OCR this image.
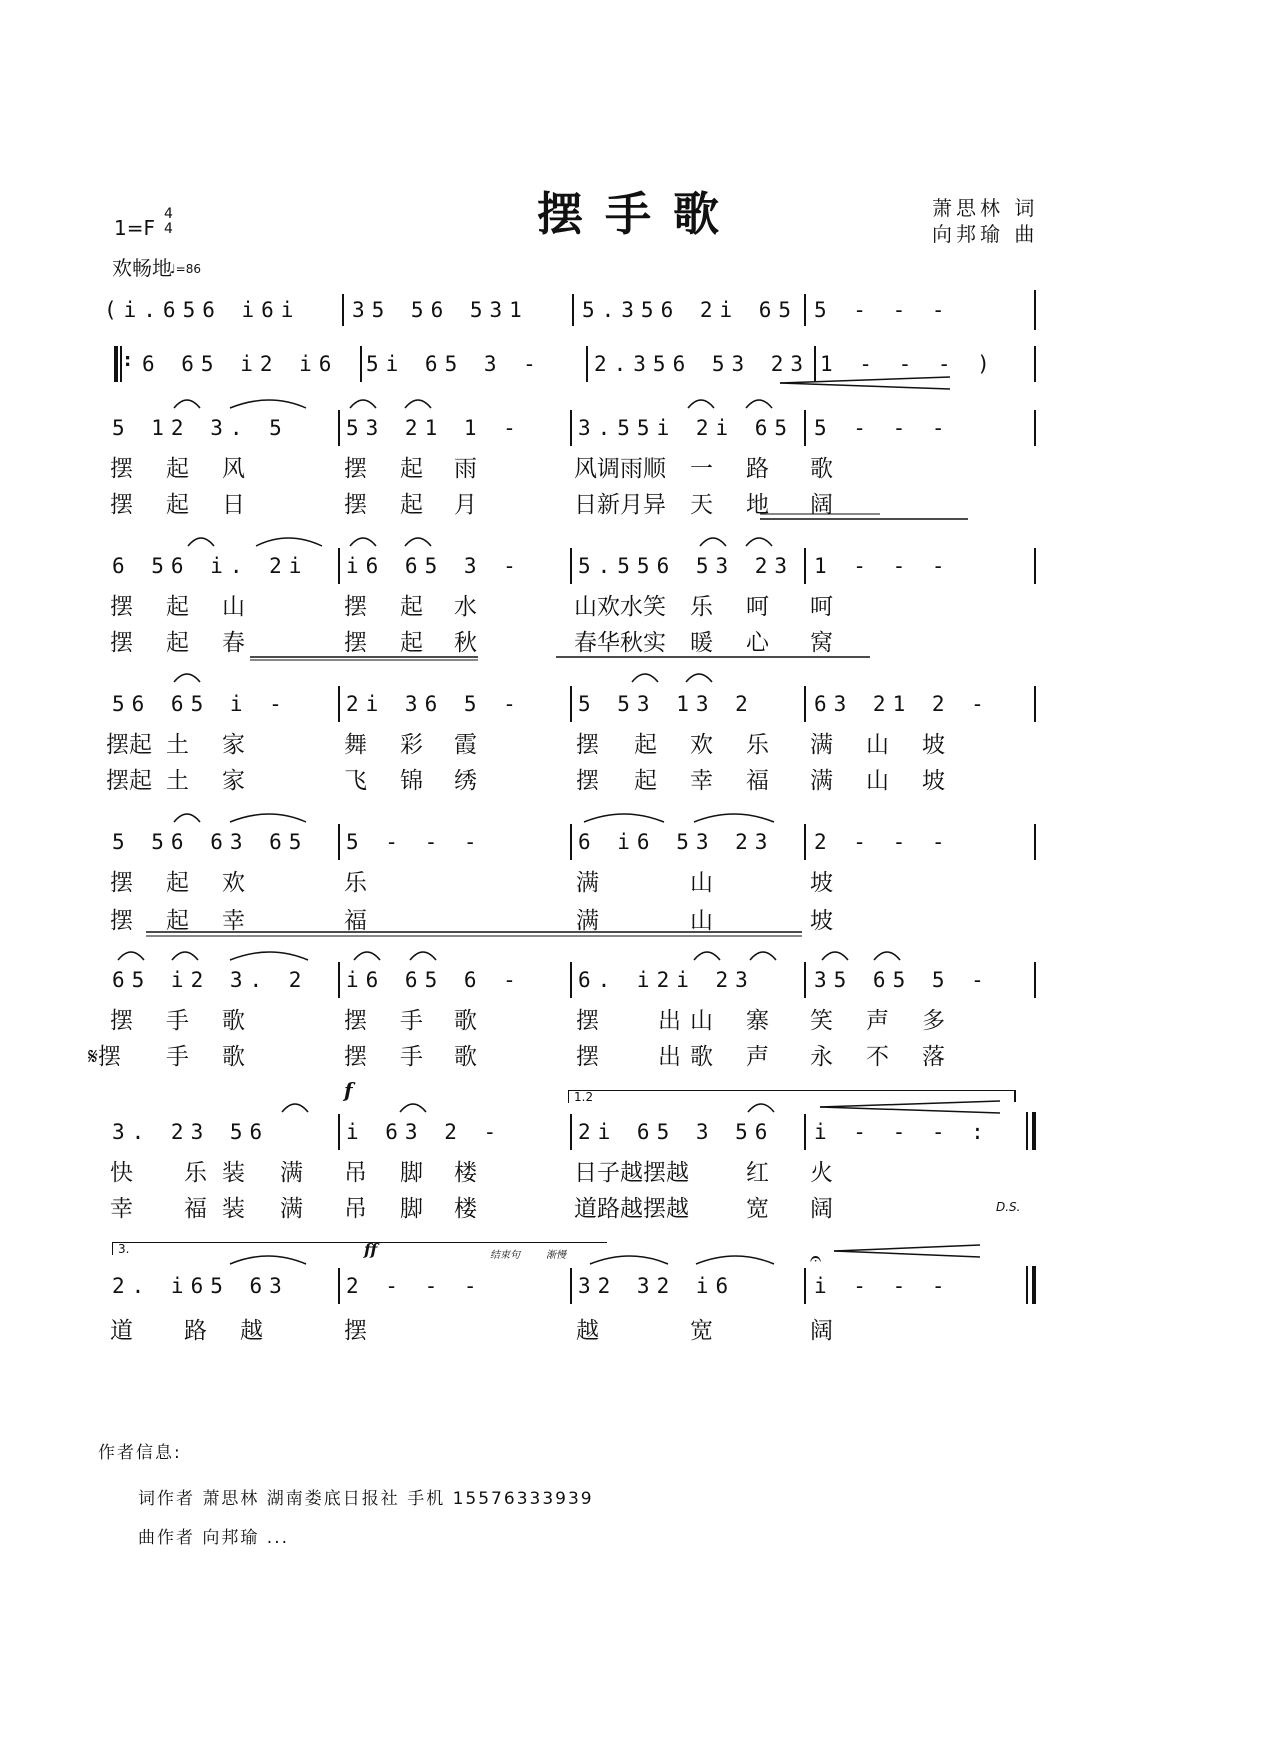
摆手歌	萧思林 词
向邦瑜 曲
1=F
4
4
欢畅地
♩=86
(i.656 i6i 35 56 531	5.356 2i 65 5 - - -
6 65 i2 i6 5i 65 3 - 2.356 53 23 1 - - - )
:
5 12 3. 5	53 21 1 -	3.55i 2i 65 5 - - -
摆 起 风	摆 起 雨	风调雨顺 一 路 歌
摆 起 日	摆 起 月	日新月异 天 地 阔
6 56 i. 2i i6 65 3 -	5.556 53 23 1 - - -
摆 起 山	摆 起 水	山欢水笑 乐 呵 呵
摆 起 春	摆 起 秋	春华秋实 暖 心 窝
56 65 i -	2i 36 5 -	5 53 13 2	63 21 2 -
摆起 土 家	舞 彩 霞	摆 起 欢 乐 满 山 坡
摆起 土 家	飞 锦 绣	摆 起 幸 福 满 山 坡
5 56 63 65 5 - - -	6 i6 53 23 2 - - -
摆 起 欢	乐	满	山	坡
摆 起 幸	福	满	山	坡
65 i2 3. 2 i6 65 6 -	6. i2i 23	35 65 5 -
摆 手 歌	摆 手 歌	摆	出 山 寨 笑 声 多
𝄋摆 手 歌	摆 手 歌	摆	出 歌 声 永 不 落
f	1.2
3. 23 56	i 63 2 -	2i 65 3 56 i - - - :
快 乐 装 满 吊 脚 楼	日子越摆越 红 火
幸 福 装 满 吊 脚 楼	道路越摆越 宽 阔	D.S.
3.	ff	结束句	渐慢	𝄐
2. i65 63	2 - - -	32 32 i6	i - - -
道 路 越	摆	越	宽	阔
作者信息:
词作者 萧思林 湖南娄底日报社 手机 15576333939
曲作者 向邦瑜 ...
